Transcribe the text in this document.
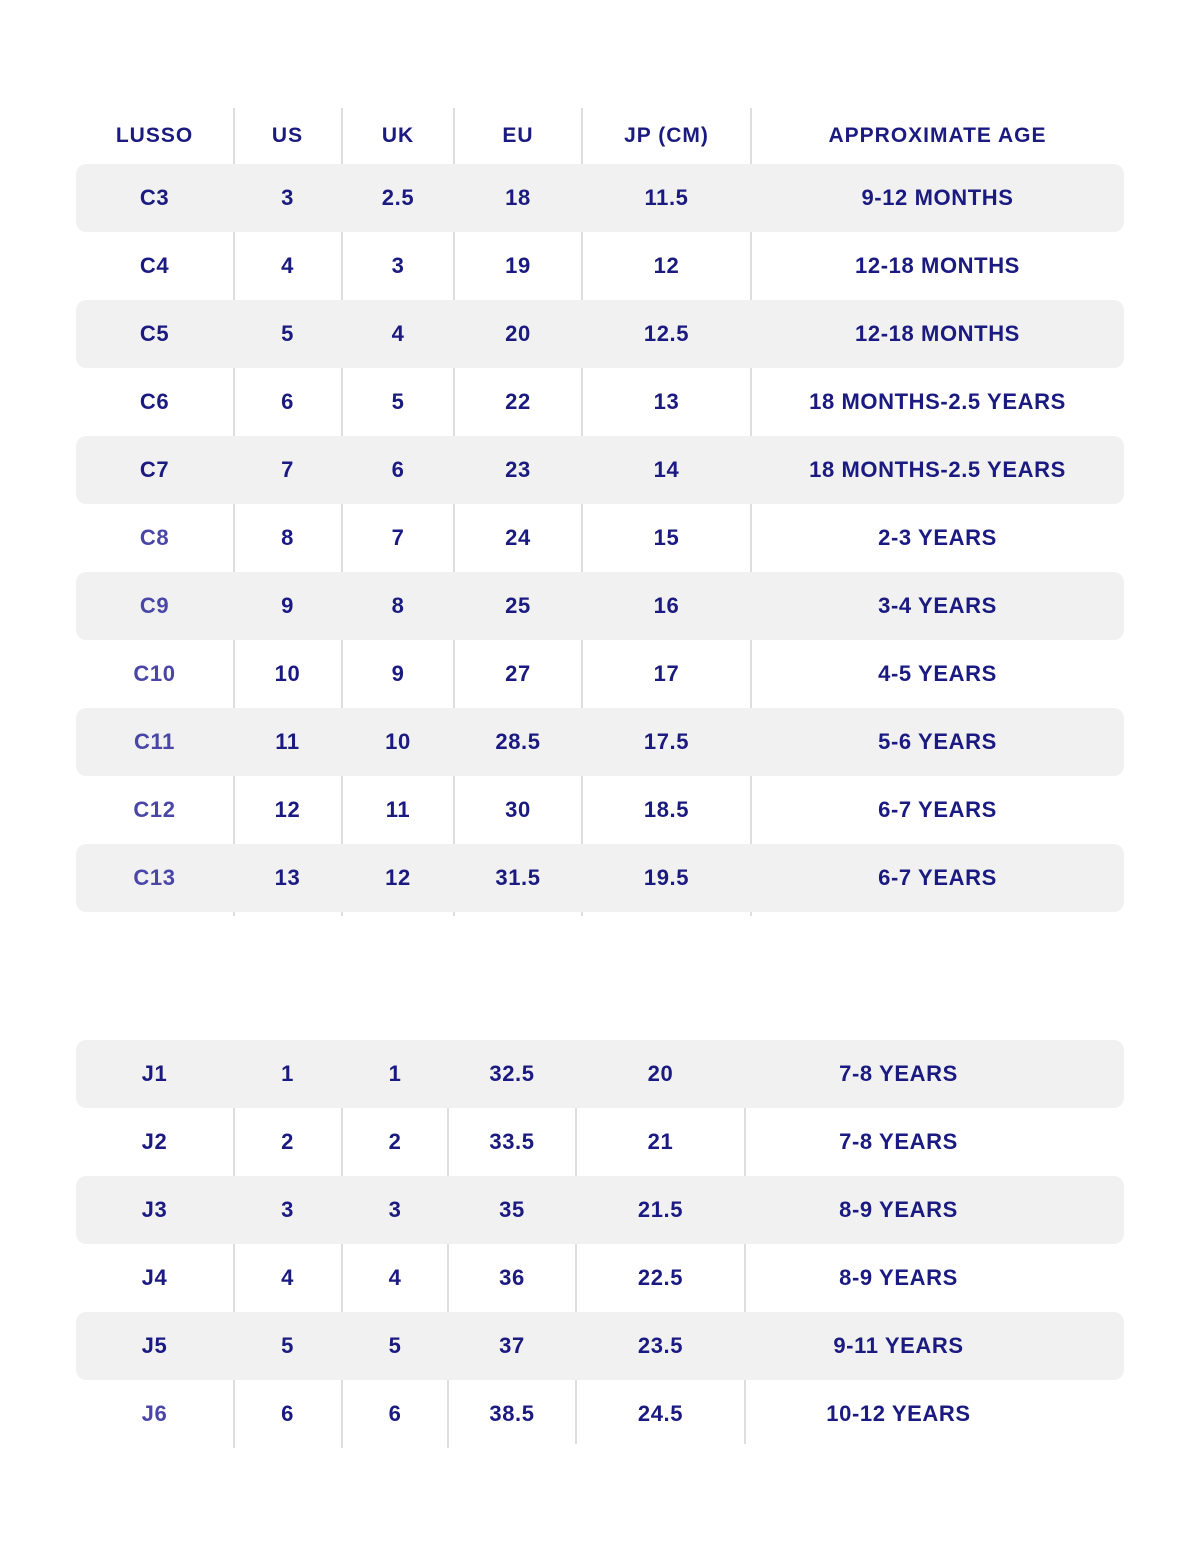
LUSSO	US	UK	EU	JP (CM)	APPROXIMATE AGE
C3	3	2.5	18	11.5	9-12 MONTHS
C4	4	3	19	12	12-18 MONTHS
C5	5	4	20	12.5	12-18 MONTHS
C6	6	5	22	13	18 MONTHS-2.5 YEARS
C7	7	6	23	14	18 MONTHS-2.5 YEARS
C8	8	7	24	15	2-3 YEARS
C9	9	8	25	16	3-4 YEARS
C10	10	9	27	17	4-5 YEARS
C11	11	10	28.5	17.5	5-6 YEARS
C12	12	11	30	18.5	6-7 YEARS
C13	13	12	31.5	19.5	6-7 YEARS
J1	1	1	32.5	20	7-8 YEARS
J2	2	2	33.5	21	7-8 YEARS
J3	3	3	35	21.5	8-9 YEARS
J4	4	4	36	22.5	8-9 YEARS
J5	5	5	37	23.5	9-11 YEARS
J6	6	6	38.5	24.5	10-12 YEARS
